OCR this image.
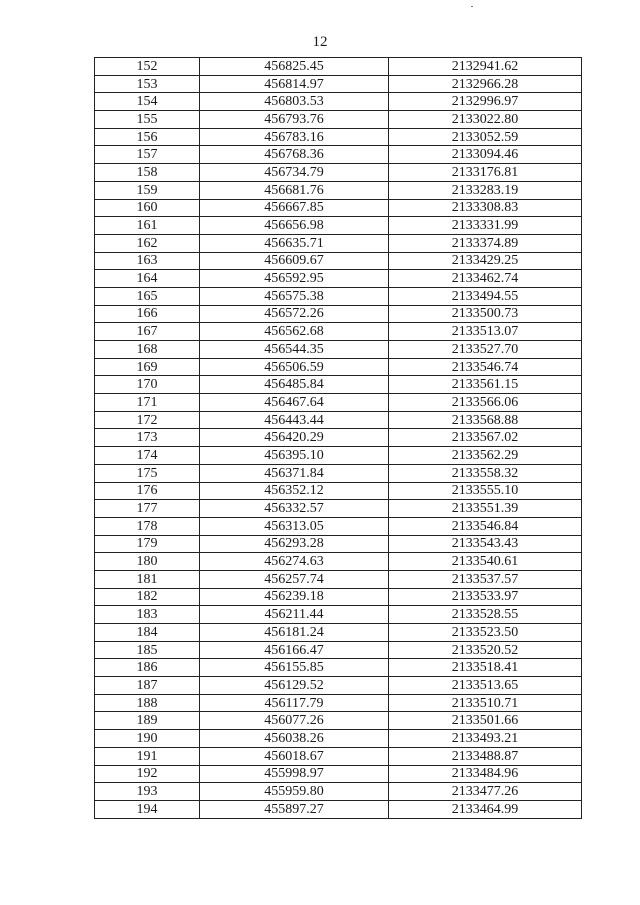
12
152	456825.45	2132941.62
153	456814.97	2132966.28
154	456803.53	2132996.97
155	456793.76	2133022.80
156	456783.16	2133052.59
157	456768.36	2133094.46
158	456734.79	2133176.81
159	456681.76	2133283.19
160	456667.85	2133308.83
161	456656.98	2133331.99
162	456635.71	2133374.89
163	456609.67	2133429.25
164	456592.95	2133462.74
165	456575.38	2133494.55
166	456572.26	2133500.73
167	456562.68	2133513.07
168	456544.35	2133527.70
169	456506.59	2133546.74
170	456485.84	2133561.15
171	456467.64	2133566.06
172	456443.44	2133568.88
173	456420.29	2133567.02
174	456395.10	2133562.29
175	456371.84	2133558.32
176	456352.12	2133555.10
177	456332.57	2133551.39
178	456313.05	2133546.84
179	456293.28	2133543.43
180	456274.63	2133540.61
181	456257.74	2133537.57
182	456239.18	2133533.97
183	456211.44	2133528.55
184	456181.24	2133523.50
185	456166.47	2133520.52
186	456155.85	2133518.41
187	456129.52	2133513.65
188	456117.79	2133510.71
189	456077.26	2133501.66
190	456038.26	2133493.21
191	456018.67	2133488.87
192	455998.97	2133484.96
193	455959.80	2133477.26
194	455897.27	2133464.99
